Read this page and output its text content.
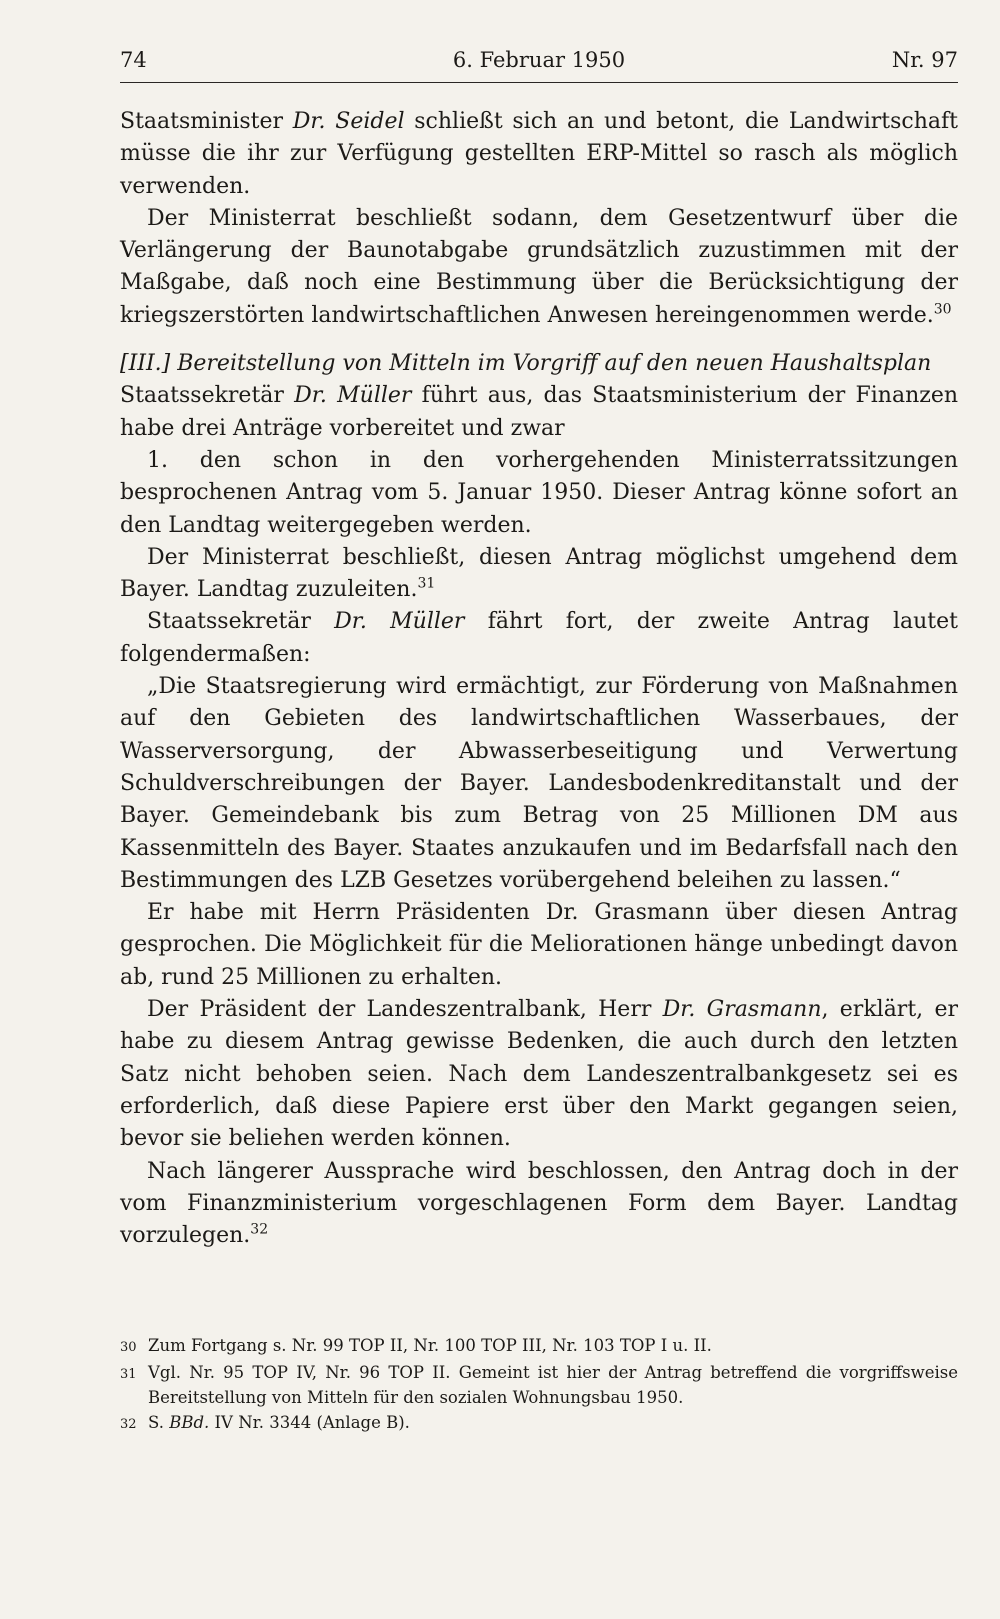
74	6. Februar 1950	Nr. 97

Staatsminister Dr. Seidel schließt sich an und betont, die Landwirtschaft müsse die ihr zur Verfügung gestellten ERP-Mittel so rasch als möglich verwenden.

Der Ministerrat beschließt sodann, dem Gesetzentwurf über die Verlängerung der Baunotabgabe grundsätzlich zuzustimmen mit der Maßgabe, daß noch eine Bestimmung über die Berücksichtigung der kriegszerstörten landwirtschaftlichen Anwesen hereingenommen werde.$^{30}$

[III.] Bereitstellung von Mitteln im Vorgriff auf den neuen Haushaltsplan

Staatssekretär Dr. Müller führt aus, das Staatsministerium der Finanzen habe drei Anträge vorbereitet und zwar

1. den schon in den vorhergehenden Ministerratssitzungen besprochenen Antrag vom 5. Januar 1950. Dieser Antrag könne sofort an den Landtag weitergegeben werden.

Der Ministerrat beschließt, diesen Antrag möglichst umgehend dem Bayer. Landtag zuzuleiten.$^{31}$

Staatssekretär Dr. Müller fährt fort, der zweite Antrag lautet folgendermaßen:

„Die Staatsregierung wird ermächtigt, zur Förderung von Maßnahmen auf den Gebieten des landwirtschaftlichen Wasserbaues, der Wasserversorgung, der Abwasserbeseitigung und Verwertung Schuldverschreibungen der Bayer. Landesbodenkreditanstalt und der Bayer. Gemeindebank bis zum Betrag von 25 Millionen DM aus Kassenmitteln des Bayer. Staates anzukaufen und im Bedarfsfall nach den Bestimmungen des LZB Gesetzes vorübergehend beleihen zu lassen.“

Er habe mit Herrn Präsidenten Dr. Grasmann über diesen Antrag gesprochen. Die Möglichkeit für die Meliorationen hänge unbedingt davon ab, rund 25 Millionen zu erhalten.

Der Präsident der Landeszentralbank, Herr Dr. Grasmann, erklärt, er habe zu diesem Antrag gewisse Bedenken, die auch durch den letzten Satz nicht behoben seien. Nach dem Landeszentralbankgesetz sei es erforderlich, daß diese Papiere erst über den Markt gegangen seien, bevor sie beliehen werden können.

Nach längerer Aussprache wird beschlossen, den Antrag doch in der vom Finanzministerium vorgeschlagenen Form dem Bayer. Landtag vorzulegen.$^{32}$

30 Zum Fortgang s. Nr. 99 TOP II, Nr. 100 TOP III, Nr. 103 TOP I u. II.
31 Vgl. Nr. 95 TOP IV, Nr. 96 TOP II. Gemeint ist hier der Antrag betreffend die vorgriffsweise Bereitstellung von Mitteln für den sozialen Wohnungsbau 1950.
32 S. BBd. IV Nr. 3344 (Anlage B).
